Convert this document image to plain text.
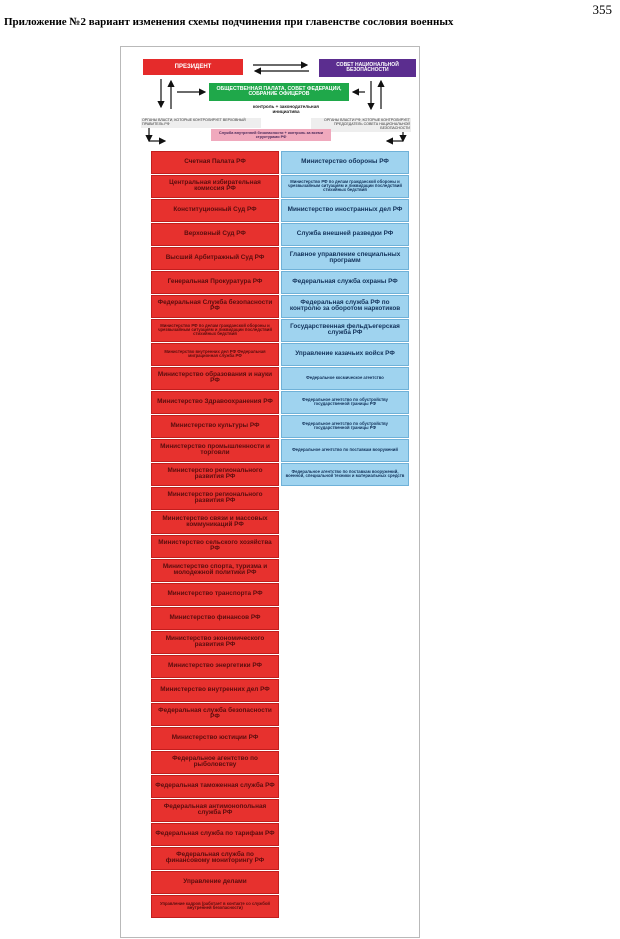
355
Приложение №2 вариант изменения схемы подчинения при главенстве сословия военных
ПРЕЗИДЕНТ	СОВЕТ НАЦИОНАЛЬНОЙ БЕЗОПАСНОСТИ
ОБЩЕСТВЕННАЯ ПАЛАТА, СОВЕТ ФЕДЕРАЦИИ, СОБРАНИЕ ОФИЦЕРОВ
контроль + законодательная инициатива
ОРГАНЫ ВЛАСТИ, КОТОРЫЕ КОНТРОЛИРУЕТ ВЕРХОВНЫЙ ПРАВИТЕЛЬ РФ
ОРГАНЫ ВЛАСТИ РФ, КОТОРЫЕ КОНТРОЛИРУЕТ ПРЕДСЕДАТЕЛЬ СОВЕТА НАЦИОНАЛЬНОЙ БЕЗОПАСНОСТИ
Служба внутренней безопасности + контроль за всеми структурами РФ
Счетная Палата РФ
Центральная избирательная комиссия РФ
Конституционный Суд РФ
Верховный Суд РФ
Высший Арбитражный Суд РФ
Генеральная Прокуратура РФ
Федеральная Служба безопасности РФ
Министерство РФ по делам гражданской обороны и чрезвычайным ситуациям и ликвидации последствий стихийных бедствий
Министерство внутренних дел РФ Федеральная миграционная служба РФ
Министерство образования и науки РФ
Министерство Здравоохранения РФ
Министерство культуры РФ
Министерство промышленности и торговли
Министерство регионального развития РФ
Министерство регионального развития РФ
Министерство связи и массовых коммуникаций РФ
Министерство сельского хозяйства РФ
Министерство спорта, туризма и молодежной политики РФ
Министерство транспорта РФ
Министерство финансов РФ
Министерство экономического развития РФ
Министерство энергетики РФ
Министерство внутренних дел РФ
Федеральная служба безопасности РФ
Министерство юстиции РФ
Федеральное агентство по рыболовству
Федеральная таможенная служба РФ
Федеральная антимонопольная служба РФ
Федеральная служба по тарифам РФ
Федеральная служба по финансовому мониторингу РФ
Управление делами
Управление кадров (работает в контакте со службой внутренней безопасности)
Министерство обороны РФ
Министерство РФ по делам гражданской обороны и чрезвычайным ситуациям и ликвидации последствий стихийных бедствий
Министерство иностранных дел РФ
Служба внешней разведки РФ
Главное управление специальных программ
Федеральная служба охраны РФ
Федеральная служба РФ по контролю за оборотом наркотиков
Государственная фельдъегерская служба РФ
Управление казачьих войск РФ
Федеральное космическое агентство
Федеральное агентство по обустройству государственной границы РФ
Федеральное агентство по обустройству государственной границы РФ
Федеральное агентство по поставкам вооружений
Федеральное агентство по поставкам вооружений, военной, специальной техники и материальных средств
